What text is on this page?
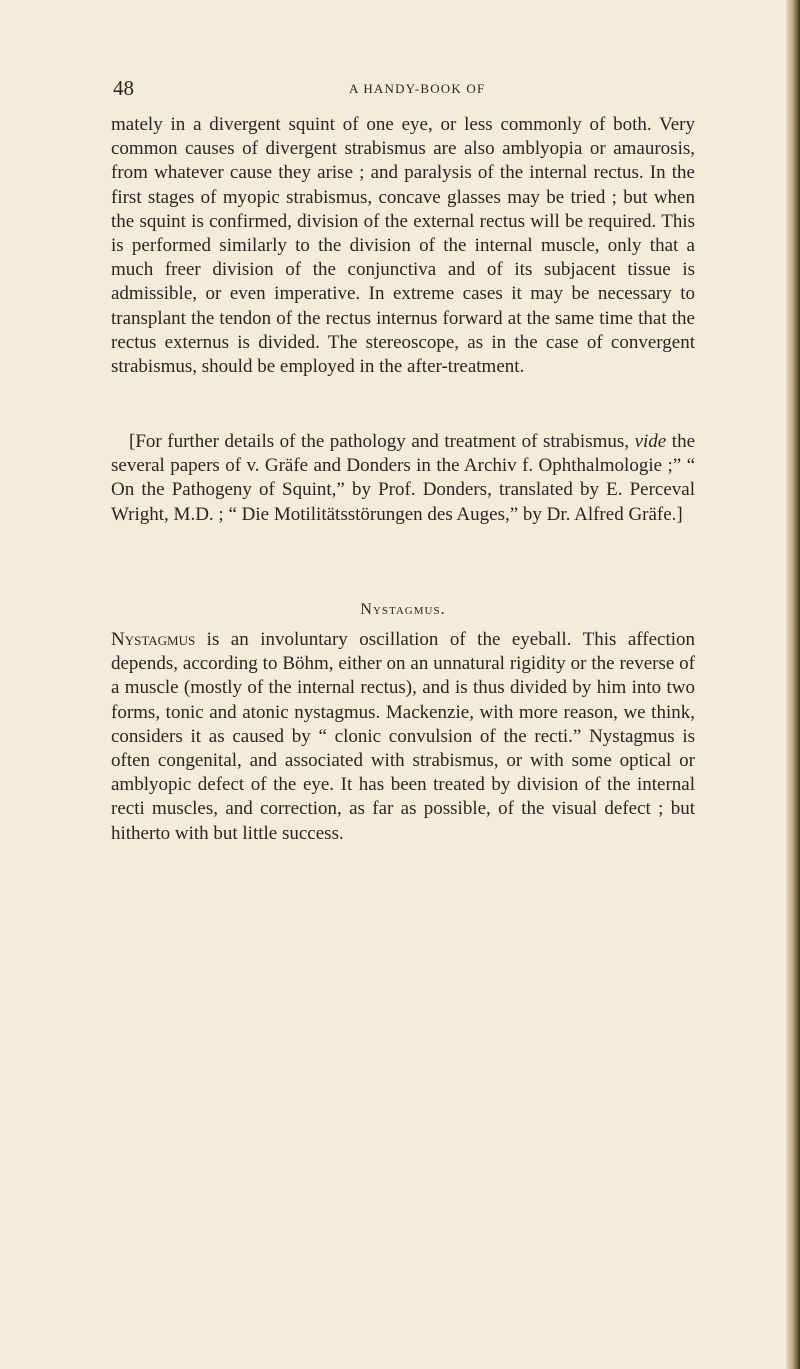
48	A HANDY-BOOK OF

mately in a divergent squint of one eye, or less commonly of both. Very common causes of divergent strabismus are also amblyopia or amaurosis, from whatever cause they arise ; and paralysis of the internal rectus. In the first stages of myopic strabismus, concave glasses may be tried ; but when the squint is confirmed, division of the external rectus will be required. This is performed similarly to the division of the internal muscle, only that a much freer division of the conjunctiva and of its subjacent tissue is admissible, or even imperative. In extreme cases it may be necessary to transplant the tendon of the rectus internus forward at the same time that the rectus externus is divided. The stereoscope, as in the case of convergent strabismus, should be employed in the after-treatment.

[For further details of the pathology and treatment of strabismus, vide the several papers of v. Gräfe and Donders in the Archiv f. Ophthalmologie ;” “ On the Pathogeny of Squint,” by Prof. Donders, translated by E. Perceval Wright, M.D. ; “ Die Motilitätsstörungen des Auges,” by Dr. Alfred Gräfe.]

Nystagmus.

Nystagmus is an involuntary oscillation of the eyeball. This affection depends, according to Böhm, either on an unnatural rigidity or the reverse of a muscle (mostly of the internal rectus), and is thus divided by him into two forms, tonic and atonic nystagmus. Mackenzie, with more reason, we think, considers it as caused by “ clonic convulsion of the recti.” Nystagmus is often congenital, and associated with strabismus, or with some optical or amblyopic defect of the eye. It has been treated by division of the internal recti muscles, and correction, as far as possible, of the visual defect ; but hitherto with but little success.
